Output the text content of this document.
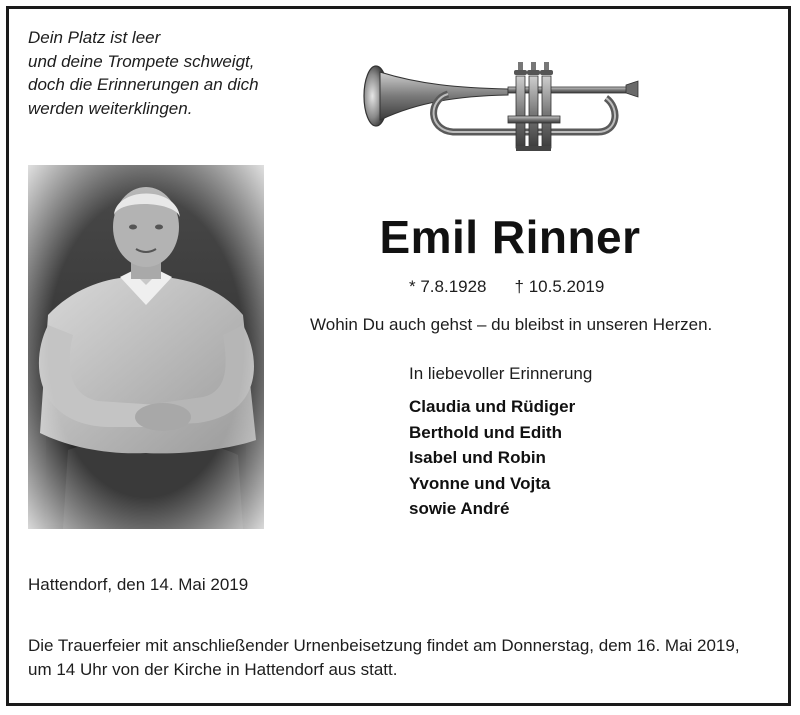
Dein Platz ist leer
und deine Trompete schweigt,
doch die Erinnerungen an dich
werden weiterklingen.
Emil Rinner
* 7.8.1928 † 10.5.2019
Wohin Du auch gehst – du bleibst in unseren Herzen.
In liebevoller Erinnerung
Claudia und Rüdiger
Berthold und Edith
Isabel und Robin
Yvonne und Vojta
sowie André
Hattendorf, den 14. Mai 2019
Die Trauerfeier mit anschließender Urnenbeisetzung findet am Donnerstag, dem 16. Mai 2019,
um 14 Uhr von der Kirche in Hattendorf aus statt.
